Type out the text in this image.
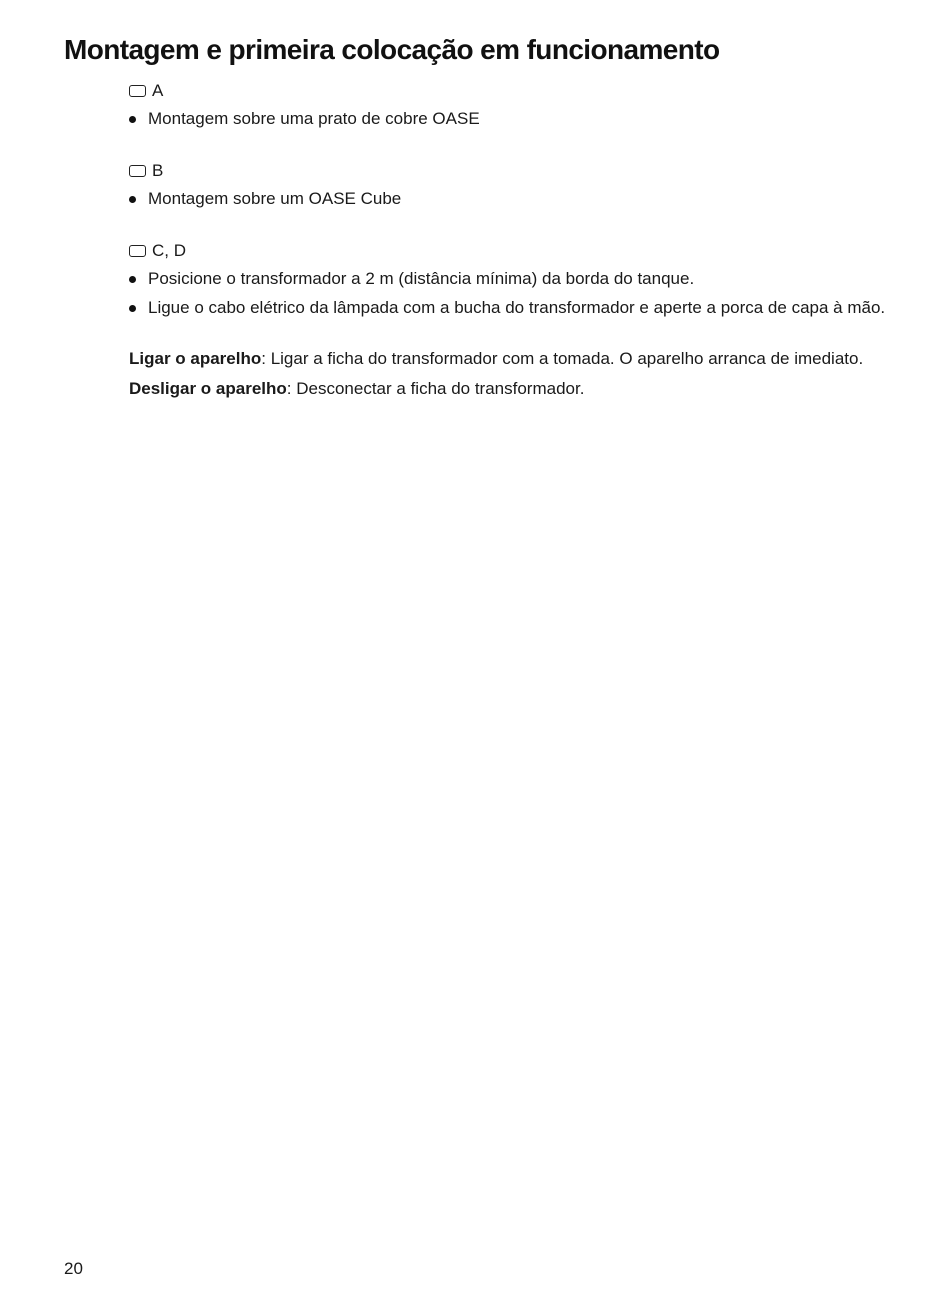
Montagem e primeira colocação em funcionamento
A
Montagem sobre uma prato de cobre OASE
B
Montagem sobre um OASE Cube
C, D
Posicione o transformador a 2 m (distância mínima) da borda do tanque.
Ligue o cabo elétrico da lâmpada com a bucha do transformador e aperte a porca de capa à mão.

Ligar o aparelho: Ligar a ficha do transformador com a tomada. O aparelho arranca de imediato.

Desligar o aparelho: Desconectar a ficha do transformador.

20
